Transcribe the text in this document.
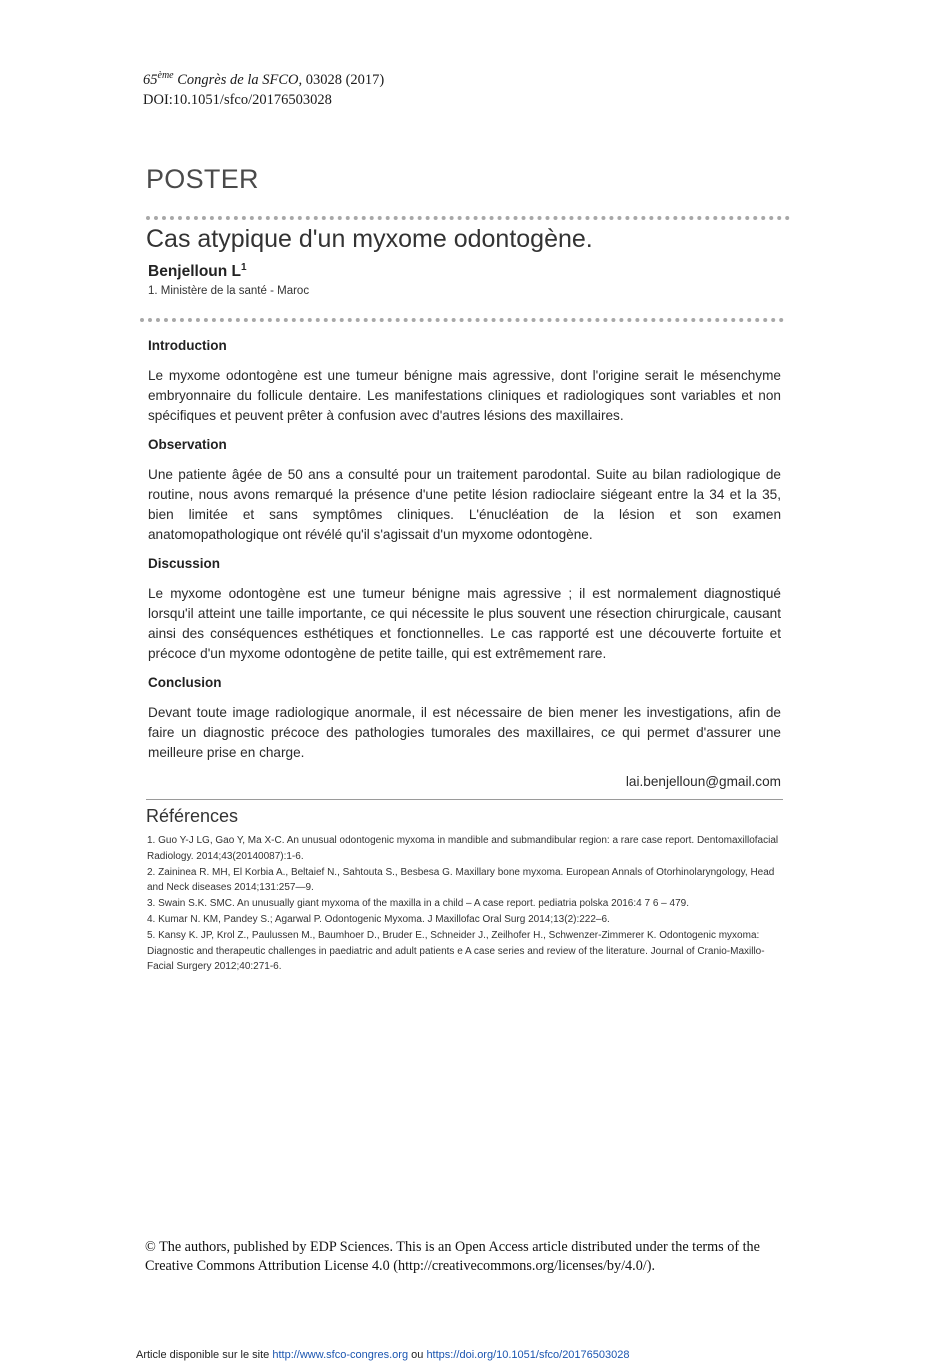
65ème Congrès de la SFCO, 03028 (2017)
DOI:10.1051/sfco/20176503028
POSTER
Cas atypique d'un myxome odontogène.
Benjelloun $L^1$
1. Ministère de la santé - Maroc
Introduction
Le myxome odontogène est une tumeur bénigne mais agressive, dont l'origine serait le mésenchyme embryonnaire du follicule dentaire. Les manifestations cliniques et radiologiques sont variables et non spécifiques et peuvent prêter à confusion avec d'autres lésions des maxillaires.
Observation
Une patiente âgée de 50 ans a consulté pour un traitement parodontal. Suite au bilan radiologique de routine, nous avons remarqué la présence d'une petite lésion radioclaire siégeant entre la 34 et la 35, bien limitée et sans symptômes cliniques. L'énucléation de la lésion et son examen anatomopathologique ont révélé qu'il s'agissait d'un myxome odontogène.
Discussion
Le myxome odontogène est une tumeur bénigne mais agressive ; il est normalement diagnostiqué lorsqu'il atteint une taille importante, ce qui nécessite le plus souvent une résection chirurgicale, causant ainsi des conséquences esthétiques et fonctionnelles. Le cas rapporté est une découverte fortuite et précoce d'un myxome odontogène de petite taille, qui est extrêmement rare.
Conclusion
Devant toute image radiologique anormale, il est nécessaire de bien mener les investigations, afin de faire un diagnostic précoce des pathologies tumorales des maxillaires, ce qui permet d'assurer une meilleure prise en charge.
lai.benjelloun@gmail.com
Références
1. Guo Y-J LG, Gao Y, Ma X-C. An unusual odontogenic myxoma in mandible and submandibular region: a rare case report. Dentomaxillofacial Radiology. 2014;43(20140087):1-6.
2. Zaininea R. MH, El Korbia A., Beltaief N., Sahtouta S., Besbesa G. Maxillary bone myxoma. European Annals of Otorhinolaryngology, Head and Neck diseases 2014;131:257—9.
3. Swain S.K. SMC. An unusually giant myxoma of the maxilla in a child – A case report. pediatria polska 2016:4 7 6 – 479.
4. Kumar N. KM, Pandey S.; Agarwal P. Odontogenic Myxoma. J Maxillofac Oral Surg 2014;13(2):222–6.
5. Kansy K. JP, Krol Z., Paulussen M., Baumhoer D., Bruder E., Schneider J., Zeilhofer H., Schwenzer-Zimmerer K. Odontogenic myxoma: Diagnostic and therapeutic challenges in paediatric and adult patients e A case series and review of the literature. Journal of Cranio-Maxillo-Facial Surgery 2012;40:271-6.
© The authors, published by EDP Sciences. This is an Open Access article distributed under the terms of the Creative Commons Attribution License 4.0 (http://creativecommons.org/licenses/by/4.0/).
Article disponible sur le site http://www.sfco-congres.org ou https://doi.org/10.1051/sfco/20176503028
